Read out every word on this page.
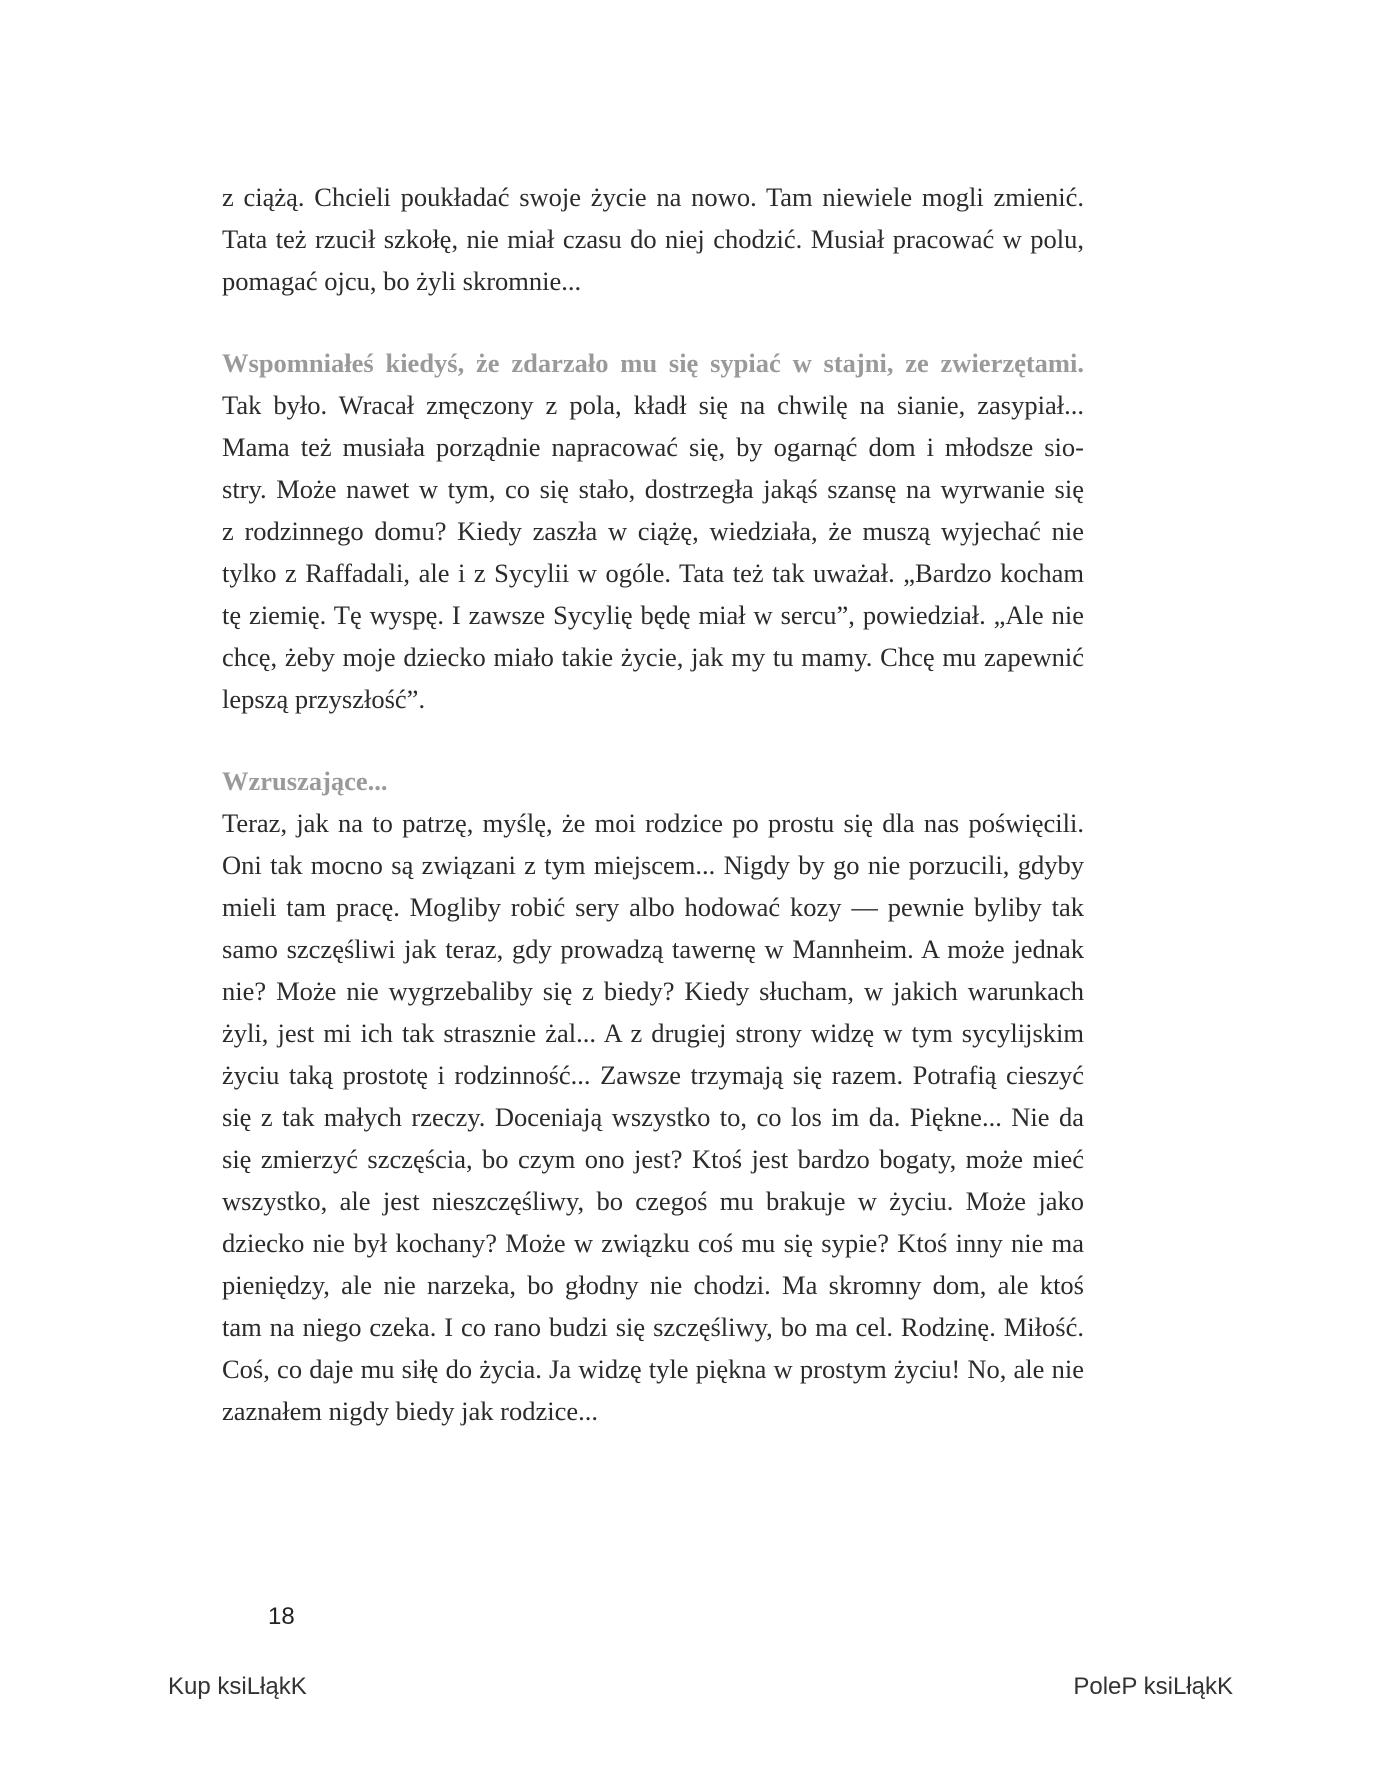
z ciążą. Chcieli poukładać swoje życie na nowo. Tam niewiele mogli zmienić.
Tata też rzucił szkołę, nie miał czasu do niej chodzić. Musiał pracować w polu,
pomagać ojcu, bo żyli skromnie...
Wspomniałeś kiedyś, że zdarzało mu się sypiać w stajni, ze zwierzętami.
Tak było. Wracał zmęczony z pola, kładł się na chwilę na sianie, zasypiał...
Mama też musiała porządnie napracować się, by ogarnąć dom i młodsze sio-
stry. Może nawet w tym, co się stało, dostrzegła jakąś szansę na wyrwanie się
z rodzinnego domu? Kiedy zaszła w ciążę, wiedziała, że muszą wyjechać nie
tylko z Raffadali, ale i z Sycylii w ogóle. Tata też tak uważał. „Bardzo kocham
tę ziemię. Tę wyspę. I zawsze Sycylię będę miał w sercu”, powiedział. „Ale nie
chcę, żeby moje dziecko miało takie życie, jak my tu mamy. Chcę mu zapewnić
lepszą przyszłość”.
Wzruszające...
Teraz, jak na to patrzę, myślę, że moi rodzice po prostu się dla nas poświęcili.
Oni tak mocno są związani z tym miejscem... Nigdy by go nie porzucili, gdyby
mieli tam pracę. Mogliby robić sery albo hodować kozy — pewnie byliby tak
samo szczęśliwi jak teraz, gdy prowadzą tawernę w Mannheim. A może jednak
nie? Może nie wygrzebaliby się z biedy? Kiedy słucham, w jakich warunkach
żyli, jest mi ich tak strasznie żal... A z drugiej strony widzę w tym sycylijskim
życiu taką prostotę i rodzinność... Zawsze trzymają się razem. Potrafią cieszyć
się z tak małych rzeczy. Doceniają wszystko to, co los im da. Piękne... Nie da
się zmierzyć szczęścia, bo czym ono jest? Ktoś jest bardzo bogaty, może mieć
wszystko, ale jest nieszczęśliwy, bo czegoś mu brakuje w życiu. Może jako
dziecko nie był kochany? Może w związku coś mu się sypie? Ktoś inny nie ma
pieniędzy, ale nie narzeka, bo głodny nie chodzi. Ma skromny dom, ale ktoś
tam na niego czeka. I co rano budzi się szczęśliwy, bo ma cel. Rodzinę. Miłość.
Coś, co daje mu siłę do życia. Ja widzę tyle piękna w prostym życiu! No, ale nie
zaznałem nigdy biedy jak rodzice...
18
Kup ksiLłąkK	PoleP ksiLłąkK
